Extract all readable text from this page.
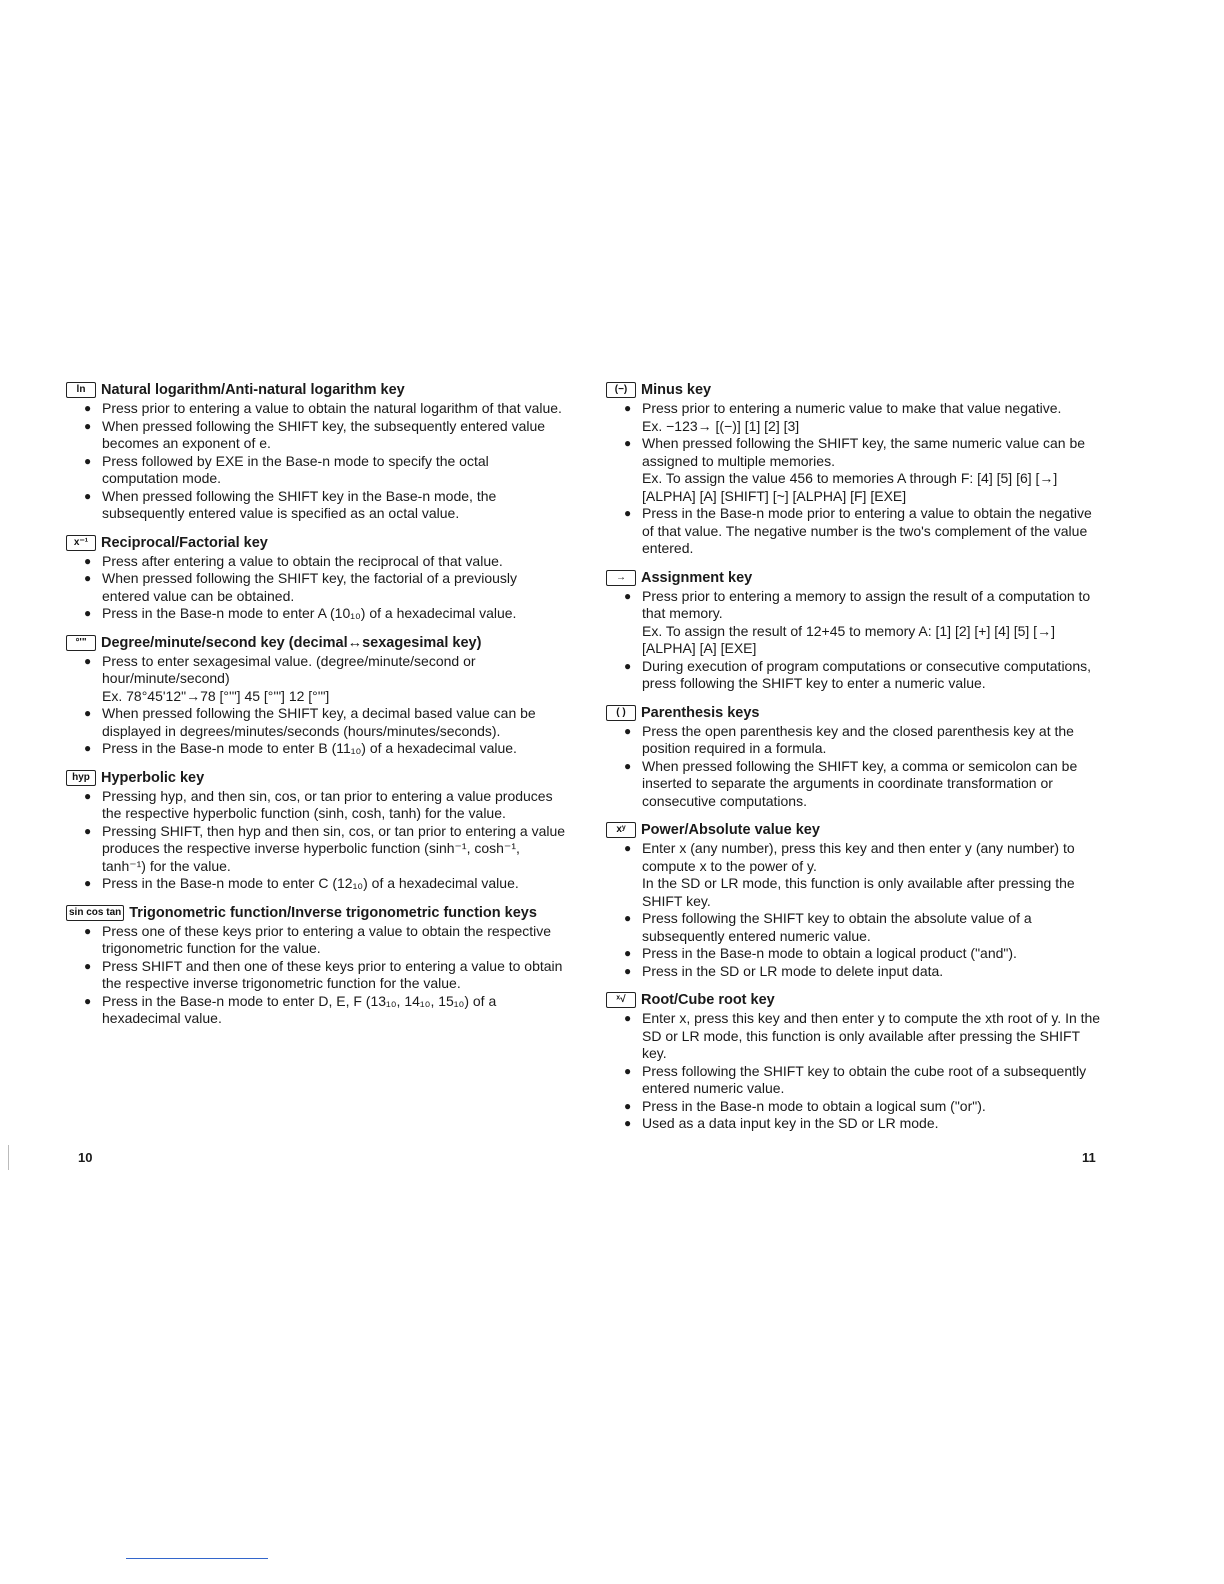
ln	Natural logarithm/Anti-natural logarithm key
● Press prior to entering a value to obtain the natural logarithm of that value.
● When pressed following the SHIFT key, the subsequently entered value becomes an exponent of e.
● Press followed by EXE in the Base-n mode to specify the octal computation mode.
● When pressed following the SHIFT key in the Base-n mode, the subsequently entered value is specified as an octal value.
x⁻¹ Reciprocal/Factorial key
● Press after entering a value to obtain the reciprocal of that value.
● When pressed following the SHIFT key, the factorial of a previously entered value can be obtained.
● Press in the Base-n mode to enter A (10₁₀) of a hexadecimal value.
°'" Degree/minute/second key (decimal↔sexagesimal key)
● Press to enter sexagesimal value. (degree/minute/second or hour/minute/second)
Ex. 78°45'12"→78 [°'"] 45 [°'"] 12 [°'"]
● When pressed following the SHIFT key, a decimal based value can be displayed in degrees/minutes/seconds (hours/minutes/seconds).
● Press in the Base-n mode to enter B (11₁₀) of a hexadecimal value.
hyp Hyperbolic key
● Pressing hyp, and then sin, cos, or tan prior to entering a value produces the respective hyperbolic function (sinh, cosh, tanh) for the value.
● Pressing SHIFT, then hyp and then sin, cos, or tan prior to entering a value produces the respective inverse hyperbolic function (sinh⁻¹, cosh⁻¹, tanh⁻¹) for the value.
● Press in the Base-n mode to enter C (12₁₀) of a hexadecimal value.
sin cos tan Trigonometric function/Inverse trigonometric function keys
● Press one of these keys prior to entering a value to obtain the respective trigonometric function for the value.
● Press SHIFT and then one of these keys prior to entering a value to obtain the respective inverse trigonometric function for the value.
● Press in the Base-n mode to enter D, E, F (13₁₀, 14₁₀, 15₁₀) of a hexadecimal value.
(−) Minus key
● Press prior to entering a numeric value to make that value negative.
Ex. −123→ [(−)] [1] [2] [3]
● When pressed following the SHIFT key, the same numeric value can be assigned to multiple memories.
Ex. To assign the value 456 to memories A through F: [4] [5] [6] [→] [ALPHA] [A] [SHIFT] [~] [ALPHA] [F] [EXE]
● Press in the Base-n mode prior to entering a value to obtain the negative of that value. The negative number is the two's complement of the value entered.
→	Assignment key
● Press prior to entering a memory to assign the result of a computation to that memory.
Ex. To assign the result of 12+45 to memory A: [1] [2] [+] [4] [5] [→] [ALPHA] [A] [EXE]
● During execution of program computations or consecutive computations, press following the SHIFT key to enter a numeric value.
( )	Parenthesis keys
● Press the open parenthesis key and the closed parenthesis key at the position required in a formula.
● When pressed following the SHIFT key, a comma or semicolon can be inserted to separate the arguments in coordinate transformation or consecutive computations.
xʸ	Power/Absolute value key
● Enter x (any number), press this key and then enter y (any number) to compute x to the power of y.
In the SD or LR mode, this function is only available after pressing the SHIFT key.
● Press following the SHIFT key to obtain the absolute value of a subsequently entered numeric value.
● Press in the Base-n mode to obtain a logical product ("and").
● Press in the SD or LR mode to delete input data.
ˣ√	Root/Cube root key
● Enter x, press this key and then enter y to compute the xth root of y. In the SD or LR mode, this function is only available after pressing the SHIFT key.
● Press following the SHIFT key to obtain the cube root of a subsequently entered numeric value.
● Press in the Base-n mode to obtain a logical sum ("or").
● Used as a data input key in the SD or LR mode.
10	11
